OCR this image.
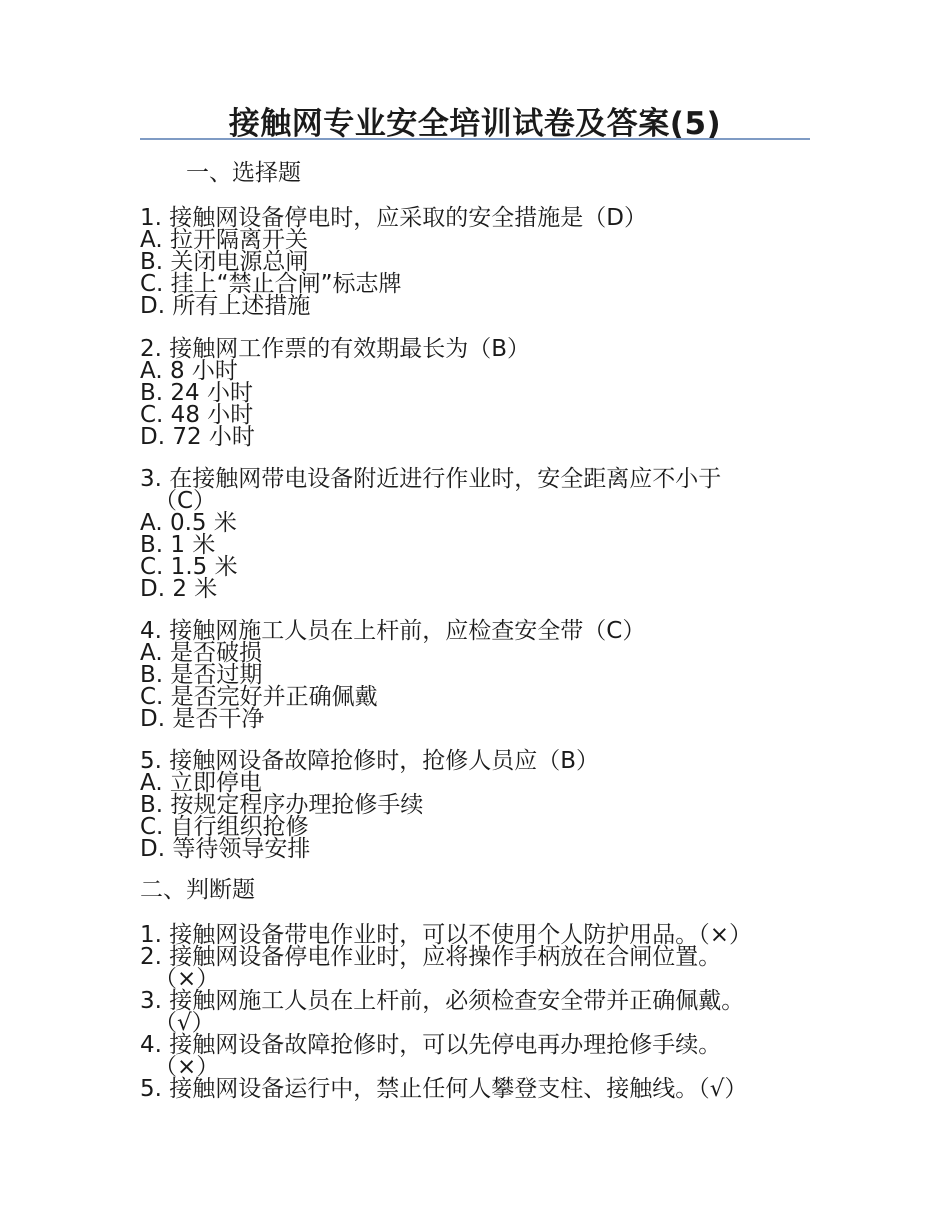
接触网专业安全培训试卷及答案(5)
一、选择题
1. 接触网设备停电时，应采取的安全措施是（D）
A. 拉开隔离开关
B. 关闭电源总闸
C. 挂上“禁止合闸”标志牌
D. 所有上述措施
2. 接触网工作票的有效期最长为（B）
A. 8 小时
B. 24 小时
C. 48 小时
D. 72 小时
3. 在接触网带电设备附近进行作业时，安全距离应不小于
（C）
A. 0.5 米
B. 1 米
C. 1.5 米
D. 2 米
4. 接触网施工人员在上杆前，应检查安全带（C）
A. 是否破损
B. 是否过期
C. 是否完好并正确佩戴
D. 是否干净
5. 接触网设备故障抢修时，抢修人员应（B）
A. 立即停电
B. 按规定程序办理抢修手续
C. 自行组织抢修
D. 等待领导安排
二、判断题
1. 接触网设备带电作业时，可以不使用个人防护用品。（×）
2. 接触网设备停电作业时，应将操作手柄放在合闸位置。
（×）
3. 接触网施工人员在上杆前，必须检查安全带并正确佩戴。
（√）
4. 接触网设备故障抢修时，可以先停电再办理抢修手续。
（×）
5. 接触网设备运行中，禁止任何人攀登支柱、接触线。（√）
